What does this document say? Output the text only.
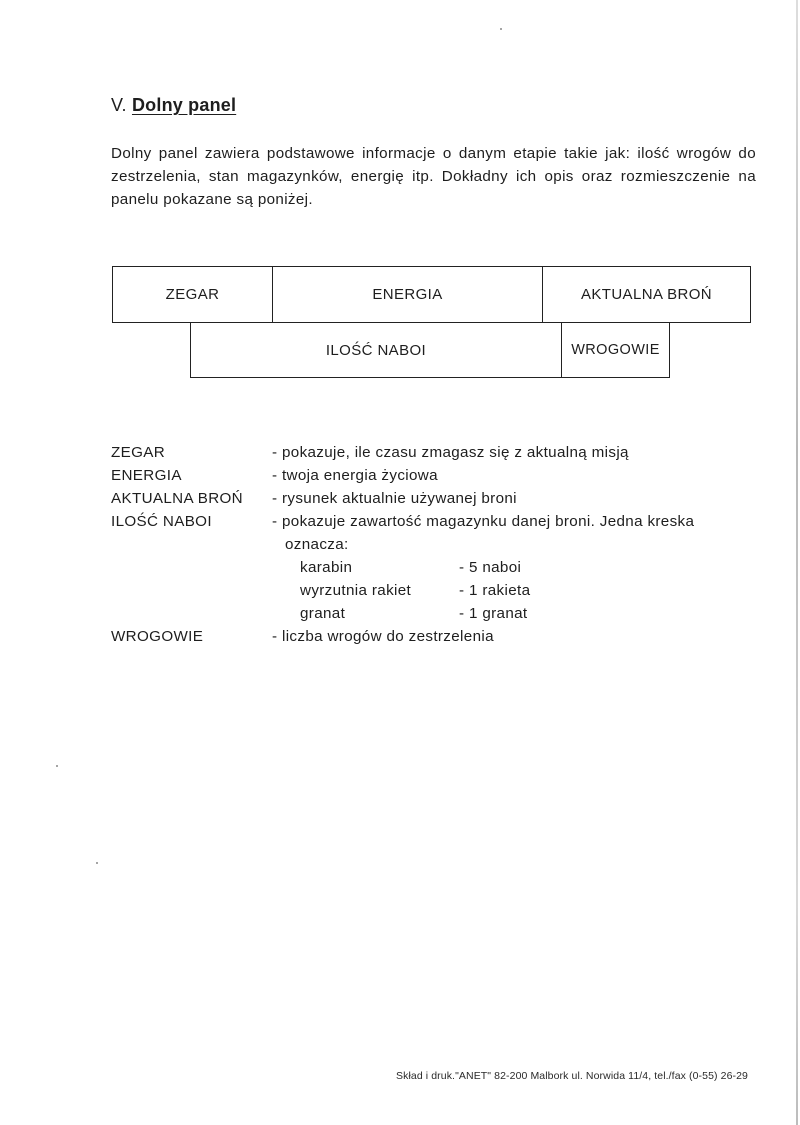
V. Dolny panel
Dolny panel zawiera podstawowe informacje o danym etapie takie jak: ilość wrogów do zestrzelenia, stan magazynków, energię itp. Dokładny ich opis oraz rozmieszczenie na panelu pokazane są poniżej.
ZEGAR	ENERGIA	AKTUALNA BROŃ
ILOŚĆ NABOI	WROGOWIE
ZEGAR	- pokazuje, ile czasu zmagasz się z aktualną misją
ENERGIA	- twoja energia życiowa
AKTUALNA BROŃ - rysunek aktualnie używanej broni
ILOŚĆ NABOI	- pokazuje zawartość magazynku danej broni. Jedna kreska
oznacza:
karabin	- 5 naboi
wyrzutnia rakiet	- 1 rakieta
granat	- 1 granat
WROGOWIE	- liczba wrogów do zestrzelenia
Skład i druk."ANET" 82-200 Malbork ul. Norwida 11/4, tel./fax (0-55) 26-29
